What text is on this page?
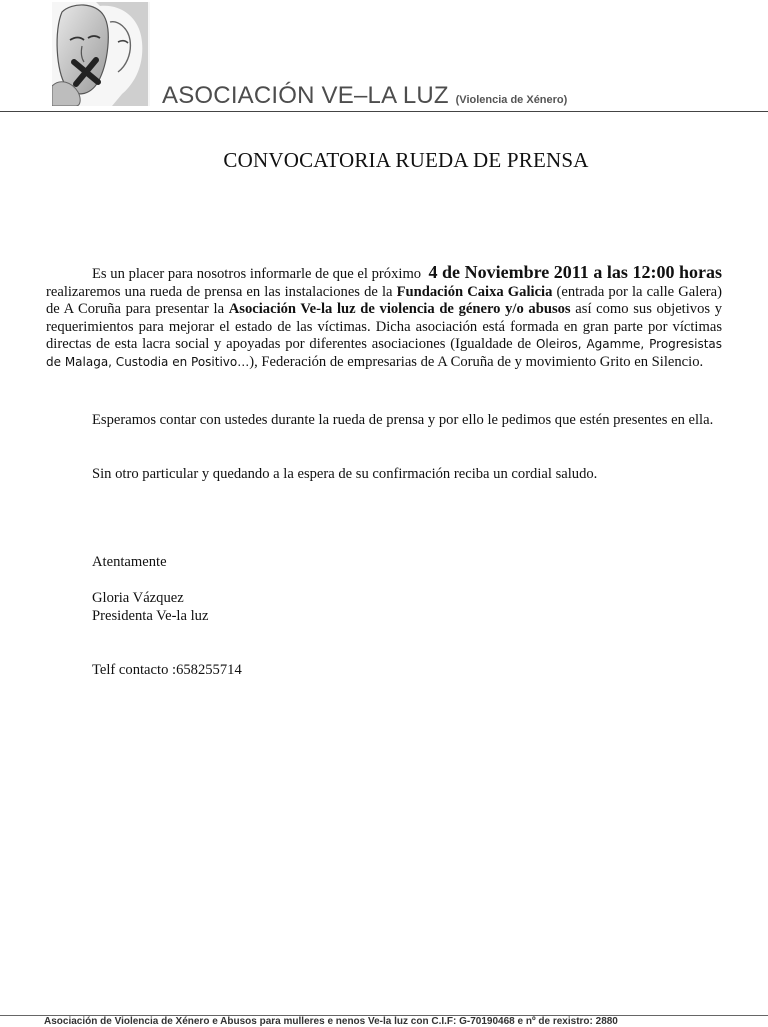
ASOCIACIÓN VE–LA LUZ (Violencia de Xénero)
CONVOCATORIA RUEDA DE PRENSA

Es un placer para nosotros informarle de que el próximo 4 de Noviembre 2011 a las 12:00 horas realizaremos una rueda de prensa en las instalaciones de la Fundación Caixa Galicia (entrada por la calle Galera) de A Coruña para presentar la Asociación Ve-la luz de violencia de género y/o abusos así como sus objetivos y requerimientos para mejorar el estado de las víctimas. Dicha asociación está formada en gran parte por víctimas directas de esta lacra social y apoyadas por diferentes asociaciones (Igualdade de Oleiros, Agamme, Progresistas de Malaga, Custodia en Positivo…), Federación de empresarias de A Coruña de y movimiento Grito en Silencio.

Esperamos contar con ustedes durante la rueda de prensa y por ello le pedimos que estén presentes en ella.

Sin otro particular y quedando a la espera de su confirmación reciba un cordial saludo.

Atentamente
Gloria Vázquez
Presidenta Ve-la luz
Telf contacto :658255714
Asociación de Violencia de Xénero e Abusos para mulleres e nenos Ve-la luz con C.I.F: G-70190468 e nº de rexistro: 2880
